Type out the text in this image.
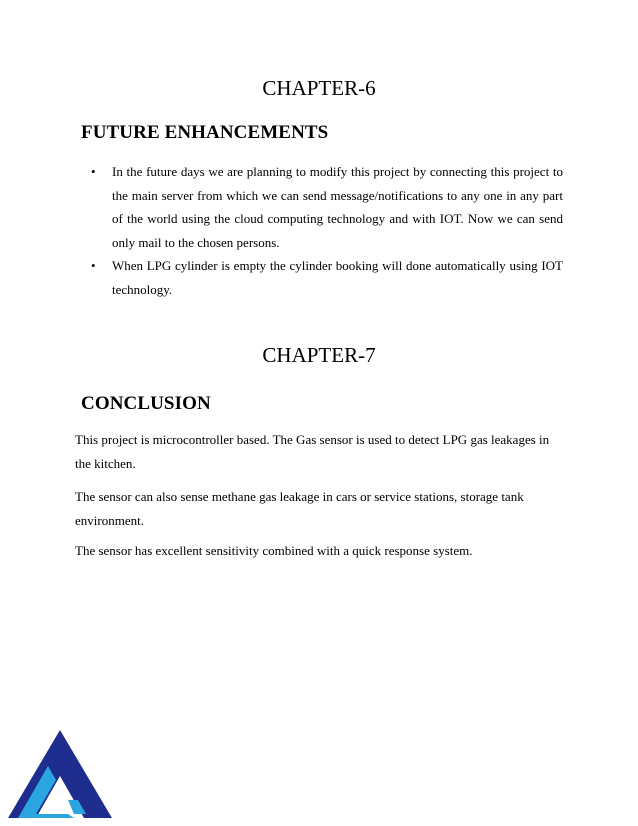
CHAPTER-6
FUTURE ENHANCEMENTS
• In the future days we are planning to modify this project by connecting this project to the main server from which we can send message/notifications to any one in any part of the world using the cloud computing technology and with IOT. Now we can send only mail to the chosen persons.
• When LPG cylinder is empty the cylinder booking will done automatically using IOT technology.
CHAPTER-7
CONCLUSION

This project is microcontroller based. The Gas sensor is used to detect LPG gas leakages in the kitchen.

The sensor can also sense methane gas leakage in cars or service stations, storage tank environment.

The sensor has excellent sensitivity combined with a quick response system.
